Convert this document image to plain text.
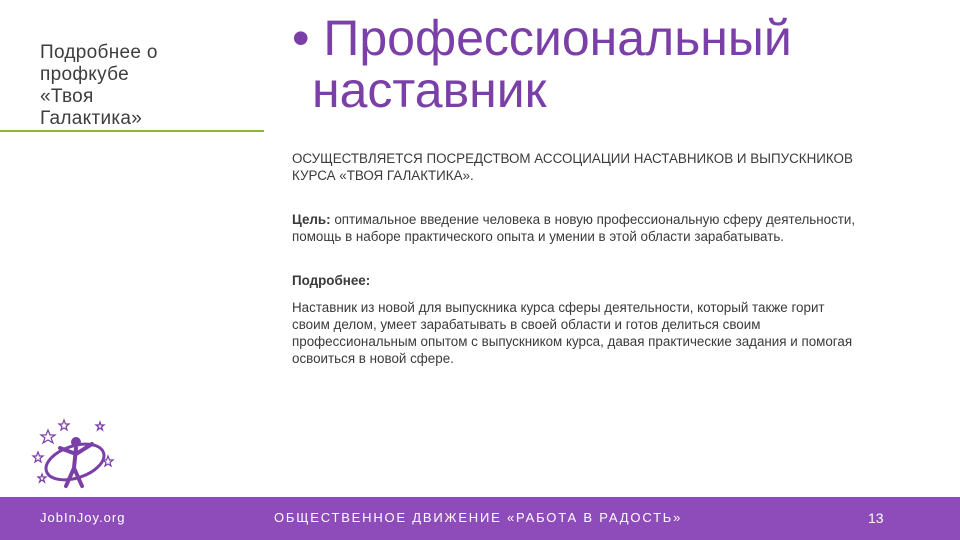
Подробнее о
профкубе
«Твоя
Галактика»
• Профессиональный
наставник

ОСУЩЕСТВЛЯЕТСЯ ПОСРЕДСТВОМ АССОЦИАЦИИ НАСТАВНИКОВ И ВЫПУСКНИКОВ КУРСА «ТВОЯ ГАЛАКТИКА».

Цель: оптимальное введение человека в новую профессиональную сферу деятельности, помощь в наборе практического опыта и умении в этой области зарабатывать.

Подробнее:

Наставник из новой для выпускника курса сферы деятельности, который также горит своим делом, умеет зарабатывать в своей области и готов делиться своим профессиональным опытом с выпускником курса, давая практические задания и помогая освоиться в новой сфере.

JobInJoy.org	ОБЩЕСТВЕННОЕ ДВИЖЕНИЕ «РАБОТА В РАДОСТЬ»	13
